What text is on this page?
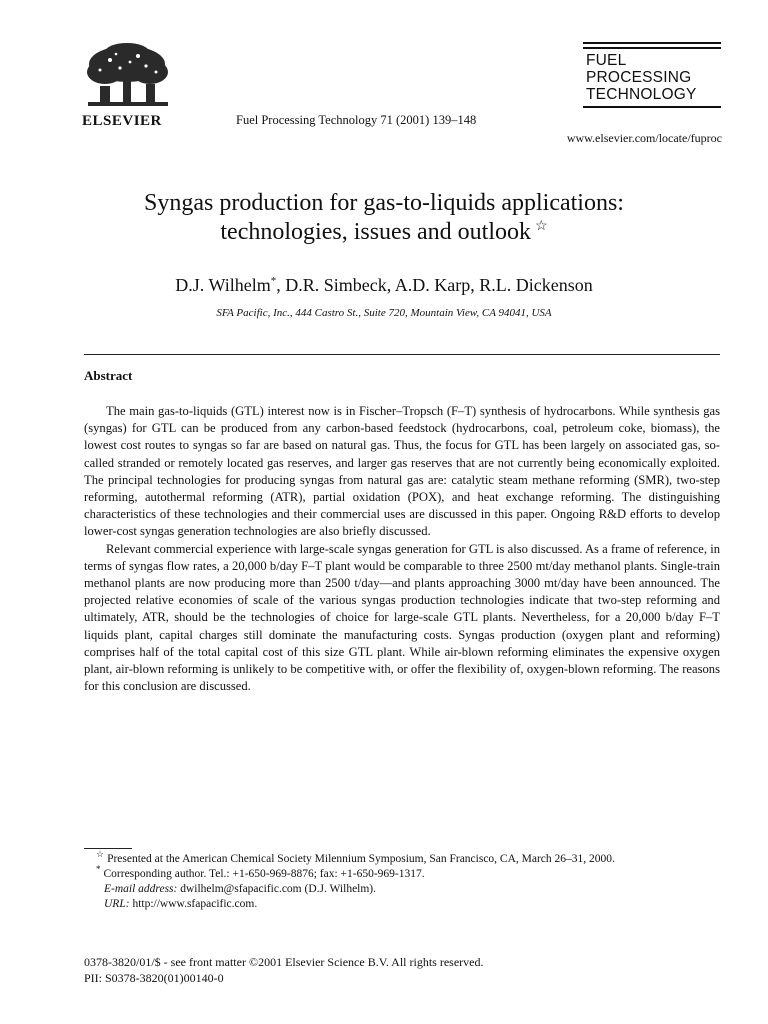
ELSEVIER	Fuel Processing Technology 71 (2001) 139–148
FUEL
PROCESSING
TECHNOLOGY
www.elsevier.com/locate/fuproc
Syngas production for gas-to-liquids applications:
technologies, issues and outlook ☆
D.J. Wilhelm*, D.R. Simbeck, A.D. Karp, R.L. Dickenson
SFA Pacific, Inc., 444 Castro St., Suite 720, Mountain View, CA 94041, USA
Abstract

The main gas-to-liquids (GTL) interest now is in Fischer–Tropsch (F–T) synthesis of hydrocarbons. While synthesis gas (syngas) for GTL can be produced from any carbon-based feedstock (hydrocarbons, coal, petroleum coke, biomass), the lowest cost routes to syngas so far are based on natural gas. Thus, the focus for GTL has been largely on associated gas, so-called stranded or remotely located gas reserves, and larger gas reserves that are not currently being economically exploited. The principal technologies for producing syngas from natural gas are: catalytic steam methane reforming (SMR), two-step reforming, autothermal reforming (ATR), partial oxidation (POX), and heat exchange reforming. The distinguishing characteristics of these technologies and their commercial uses are discussed in this paper. Ongoing R&D efforts to develop lower-cost syngas generation technologies are also briefly discussed.

Relevant commercial experience with large-scale syngas generation for GTL is also discussed. As a frame of reference, in terms of syngas flow rates, a 20,000 b/day F–T plant would be comparable to three 2500 mt/day methanol plants. Single-train methanol plants are now producing more than 2500 t/day—and plants approaching 3000 mt/day have been announced. The projected relative economies of scale of the various syngas production technologies indicate that two-step reforming and ultimately, ATR, should be the technologies of choice for large-scale GTL plants. Nevertheless, for a 20,000 b/day F–T liquids plant, capital charges still dominate the manufacturing costs. Syngas production (oxygen plant and reforming) comprises half of the total capital cost of this size GTL plant. While air-blown reforming eliminates the expensive oxygen plant, air-blown reforming is unlikely to be competitive with, or offer the flexibility of, oxygen-blown reforming. The reasons for this conclusion are discussed.

☆ Presented at the American Chemical Society Milennium Symposium, San Francisco, CA, March 26–31, 2000.

* Corresponding author. Tel.: +1-650-969-8876; fax: +1-650-969-1317.

E-mail address: dwilhelm@sfapacific.com (D.J. Wilhelm).

URL: http://www.sfapacific.com.

0378-3820/01/$ - see front matter ©2001 Elsevier Science B.V. All rights reserved.

PII: S0378-3820(01)00140-0
